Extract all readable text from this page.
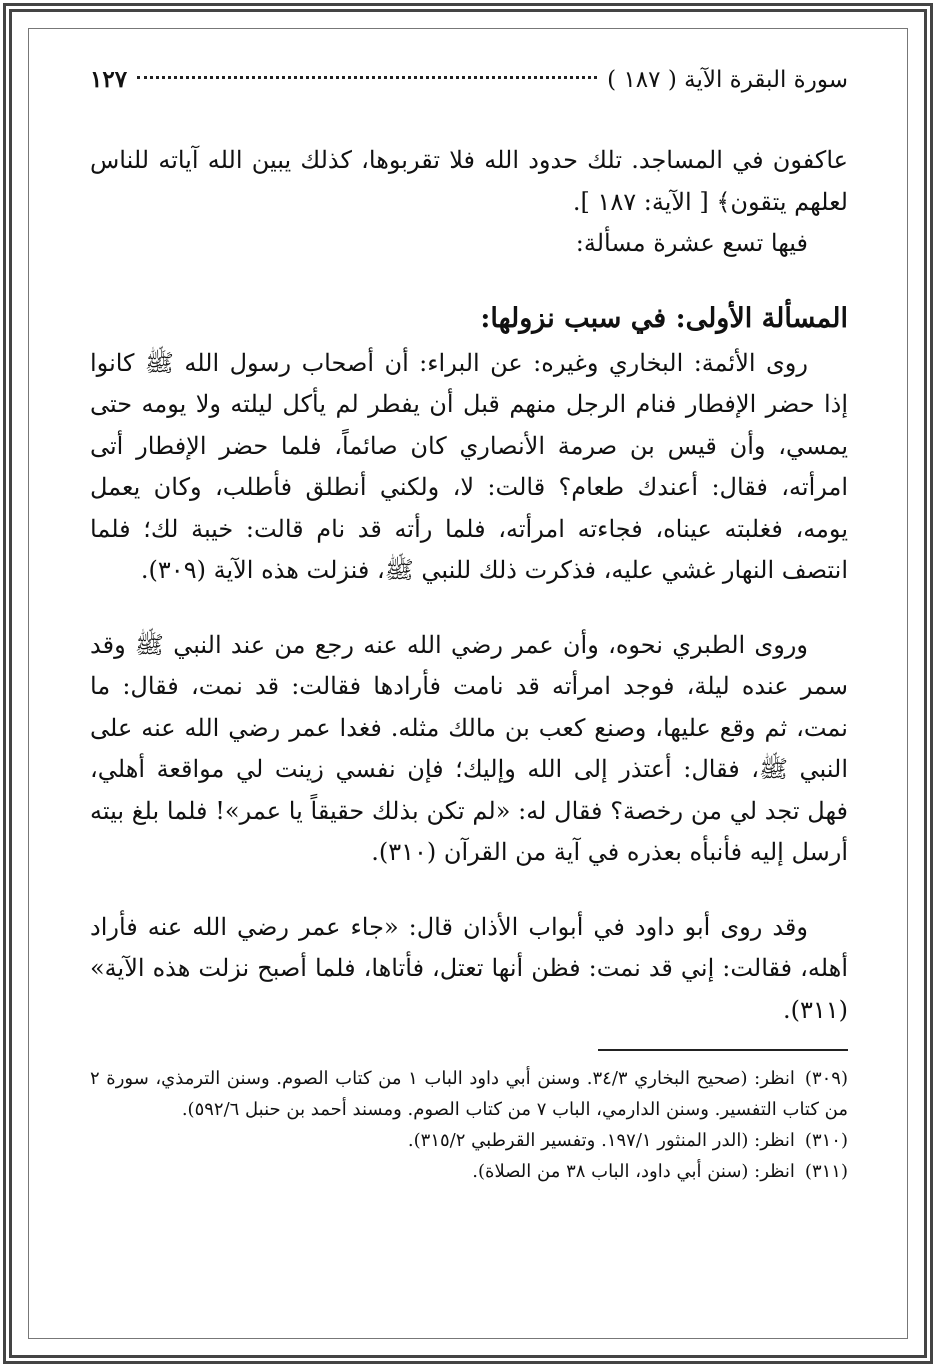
سورة البقرة الآية ( ١٨٧ )
١٢٧

عاكفون في المساجد. تلك حدود الله فلا تقربوها، كذلك يبين الله آياته للناس لعلهم يتقون﴾ [ الآية: ١٨٧ ].

فيها تسع عشرة مسألة:

المسألة الأولى: في سبب نزولها:

روى الأئمة: البخاري وغيره: عن البراء: أن أصحاب رسول الله ﷺ كانوا إذا حضر الإفطار فنام الرجل منهم قبل أن يفطر لم يأكل ليلته ولا يومه حتى يمسي، وأن قيس بن صرمة الأنصاري كان صائماً، فلما حضر الإفطار أتى امرأته، فقال: أعندك طعام؟ قالت: لا، ولكني أنطلق فأطلب، وكان يعمل يومه، فغلبته عيناه، فجاءته امرأته، فلما رأته قد نام قالت: خيبة لك؛ فلما انتصف النهار غشي عليه، فذكرت ذلك للنبي ﷺ، فنزلت هذه الآية (٣٠٩).

وروى الطبري نحوه، وأن عمر رضي الله عنه رجع من عند النبي ﷺ وقد سمر عنده ليلة، فوجد امرأته قد نامت فأرادها فقالت: قد نمت، فقال: ما نمت، ثم وقع عليها، وصنع كعب بن مالك مثله. فغدا عمر رضي الله عنه على النبي ﷺ، فقال: أعتذر إلى الله وإليك؛ فإن نفسي زينت لي مواقعة أهلي، فهل تجد لي من رخصة؟ فقال له: «لم تكن بذلك حقيقاً يا عمر»! فلما بلغ بيته أرسل إليه فأنبأه بعذره في آية من القرآن (٣١٠).

وقد روى أبو داود في أبواب الأذان قال: «جاء عمر رضي الله عنه فأراد أهله، فقالت: إني قد نمت: فظن أنها تعتل، فأتاها، فلما أصبح نزلت هذه الآية» (٣١١).

(٣٠٩)انظر: (صحيح البخاري ٣٤/٣. وسنن أبي داود الباب ١ من كتاب الصوم. وسنن الترمذي، سورة ٢ من كتاب التفسير. وسنن الدارمي، الباب ٧ من كتاب الصوم. ومسند أحمد بن حنبل ٥٩٢/٦).

(٣١٠)انظر: (الدر المنثور ١٩٧/١. وتفسير القرطبي ٣١٥/٢).

(٣١١)انظر: (سنن أبي داود، الباب ٣٨ من الصلاة).
